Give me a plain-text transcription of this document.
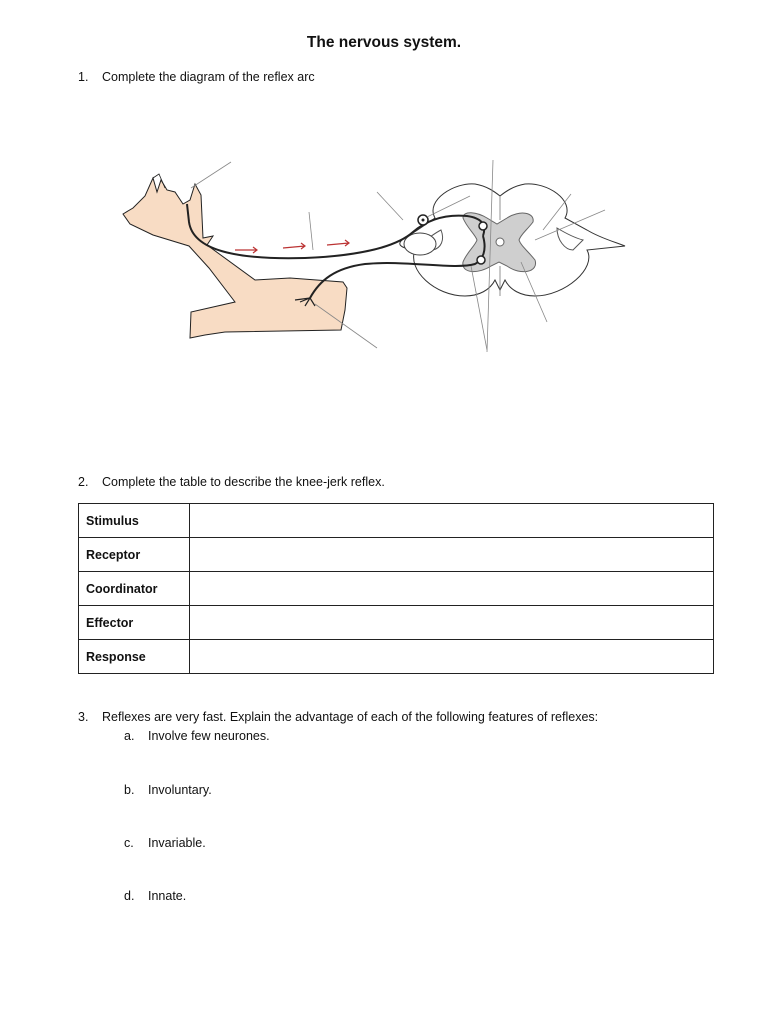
The nervous system.
1. Complete the diagram of the reflex arc
2. Complete the table to describe the knee-jerk reflex.
Stimulus	
Receptor	
Coordinator	
Effector	
Response	
3. Reflexes are very fast. Explain the advantage of each of the following features of reflexes:
a. Involve few neurones.
b. Involuntary.
c. Invariable.
d. Innate.
